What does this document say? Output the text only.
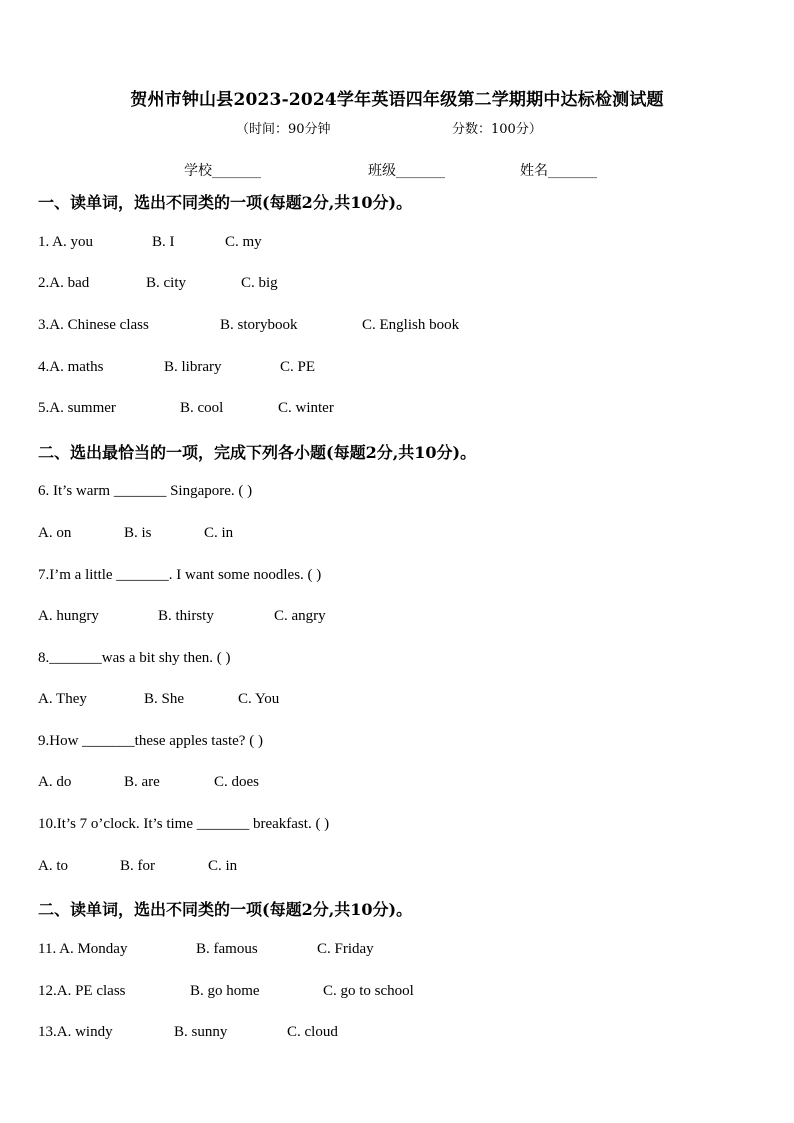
贺州市钟山县2023-2024学年英语四年级第二学期期中达标检测试题
（时间：90分钟	分数：100分）
学校_______	班级_______	姓名_______
一、读单词，选出不同类的一项(每题2分,共10分)。
1. A. you	B. I	C. my
2.A. bad	B. city	C. big
3.A. Chinese class	B. storybook	C. English book
4.A. maths	B. library	C. PE
5.A. summer	B. cool	C. winter
二、选出最恰当的一项，完成下列各小题(每题2分,共10分)。
6. It’s warm _______ Singapore. ( )
A. on	B. is	C. in
7.I’m a little _______. I want some noodles. ( )
A. hungry	B. thirsty	C. angry
8._______was a bit shy then. ( )
A. They	B. She	C. You
9.How _______these apples taste? ( )
A. do	B. are	C. does
10.It’s 7 o’clock. It’s time _______ breakfast. ( )
A. to	B. for	C. in
二、读单词，选出不同类的一项(每题2分,共10分)。
11. A. Monday	B. famous	C. Friday
12.A. PE class	B. go home	C. go to school
13.A. windy	B. sunny	C. cloud
